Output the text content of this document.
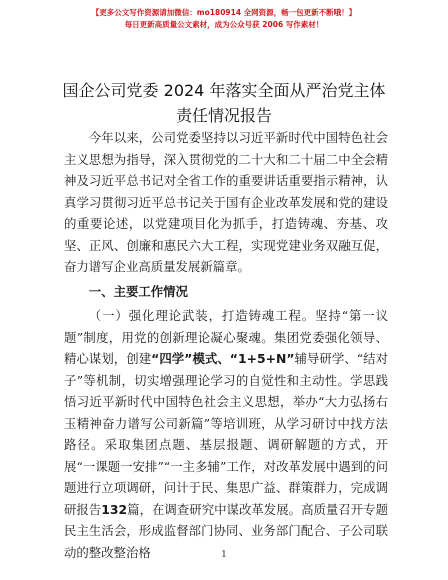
【更多公文写作资源请加微信：mo180914 全网资源，畅一包更新不断哦！】
每日更新高质量公文素材，成为公众号获 2006 写作素材！
国企公司党委 2024 年落实全面从严治党主体责任情况报告

今年以来，公司党委坚持以习近平新时代中国特色社会主义思想为指导，深入贯彻党的二十大和二十届二中全会精神及习近平总书记对全省工作的重要讲话重要指示精神，认真学习贯彻习近平总书记关于国有企业改革发展和党的建设的重要论述，以党建项目化为抓手，打造铸魂、夯基、攻坚、正风、创廉和惠民六大工程，实现党建业务双融互促，奋力谱写企业高质量发展新篇章。

一、主要工作情况

（一）强化理论武装，打造铸魂工程。坚持“第一议题”制度，用党的创新理论凝心聚魂。集团党委强化领导、精心谋划，创建“四学”模式、“1+5+N”辅导研学、“结对子”等机制，切实增强理论学习的自觉性和主动性。学思践悟习近平新时代中国特色社会主义思想，举办“大力弘扬右玉精神奋力谱写公司新篇”等培训班，从学习研讨中找方法路径。采取集团点题、基层报题、调研解题的方式，开展“一课题一安排”“一主多辅”工作，对改革发展中遇到的问题进行立项调研，问计于民、集思广益、群策群力，完成调研报告132篇，在调查研究中谋改革发展。高质量召开专题民主生活会，形成监督部门协同、业务部门配合、子公司联动的整改整治格	1
